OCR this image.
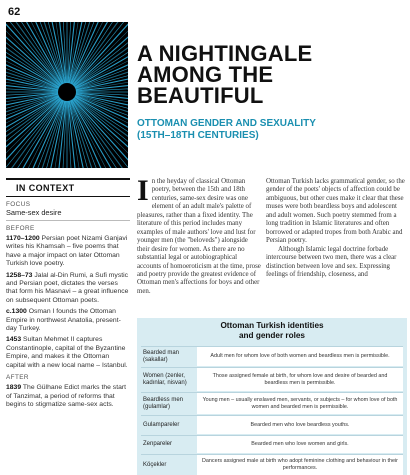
62
A NIGHTINGALE
AMONG THE
BEAUTIFUL
OTTOMAN GENDER AND SEXUALITY
(15TH–18TH CENTURIES)
IN CONTEXT
FOCUS
Same-sex desire
BEFORE
1170–1200 Persian poet Nizami Ganjavi writes his Khamsah – five poems that have a major impact on later Ottoman Turkish love poetry.
1258–73 Jalal al-Din Rumi, a Sufi mystic and Persian poet, dictates the verses that form his Masnavi – a great influence on subsequent Ottoman poets.
c.1300 Osman I founds the Ottoman Empire in northwest Anatolia, present-day Turkey.
1453 Sultan Mehmet II captures Constantinople, capital of the Byzantine Empire, and makes it the Ottoman capital with a new local name – Istanbul.
AFTER
1839 The Gülhane Edict marks the start of Tanzimat, a period of reforms that begins to stigmatize same-sex acts.
I n the heyday of classical Ottoman poetry, between the 15th and 18th centuries, same-sex desire was one element of an adult male's palette of pleasures, rather than a fixed identity. The literature of this period includes many examples of male authors' love and lust for younger men (the "beloveds") alongside their desire for women. As there are no substantial legal or autobiographical accounts of homoeroticism at the time, prose and poetry provide the greatest evidence of Ottoman men's affections for boys and other men.

Ottoman Turkish lacks grammatical gender, so the gender of the poets' objects of affection could be ambiguous, but other cues make it clear that these muses were both beardless boys and adolescent and adult women. Such poetry stemmed from a long tradition in Islamic literatures and often borrowed or adapted tropes from both Arabic and Persian poetry.

Although Islamic legal doctrine forbade intercourse between two men, there was a clear distinction between love and sex. Expressing feelings of friendship, closeness, and

Ottoman Turkish identities
and gender roles
Bearded man (sakallar)
Adult men for whom love of both women and beardless men is permissible.
Women (zenler, kadınlar, nisvan)
Those assigned female at birth, for whom love and desire of bearded and beardless men is permissible.
Beardless men (gulamlar)
Young men – usually enslaved men, servants, or subjects – for whom love of both women and bearded men is permissible.
Gulampareler	Bearded men who love beardless youths.
Zenpareler	Bearded men who love women and girls.
Köçekler
Dancers assigned male at birth who adopt feminine clothing and behaviour in their performances.
